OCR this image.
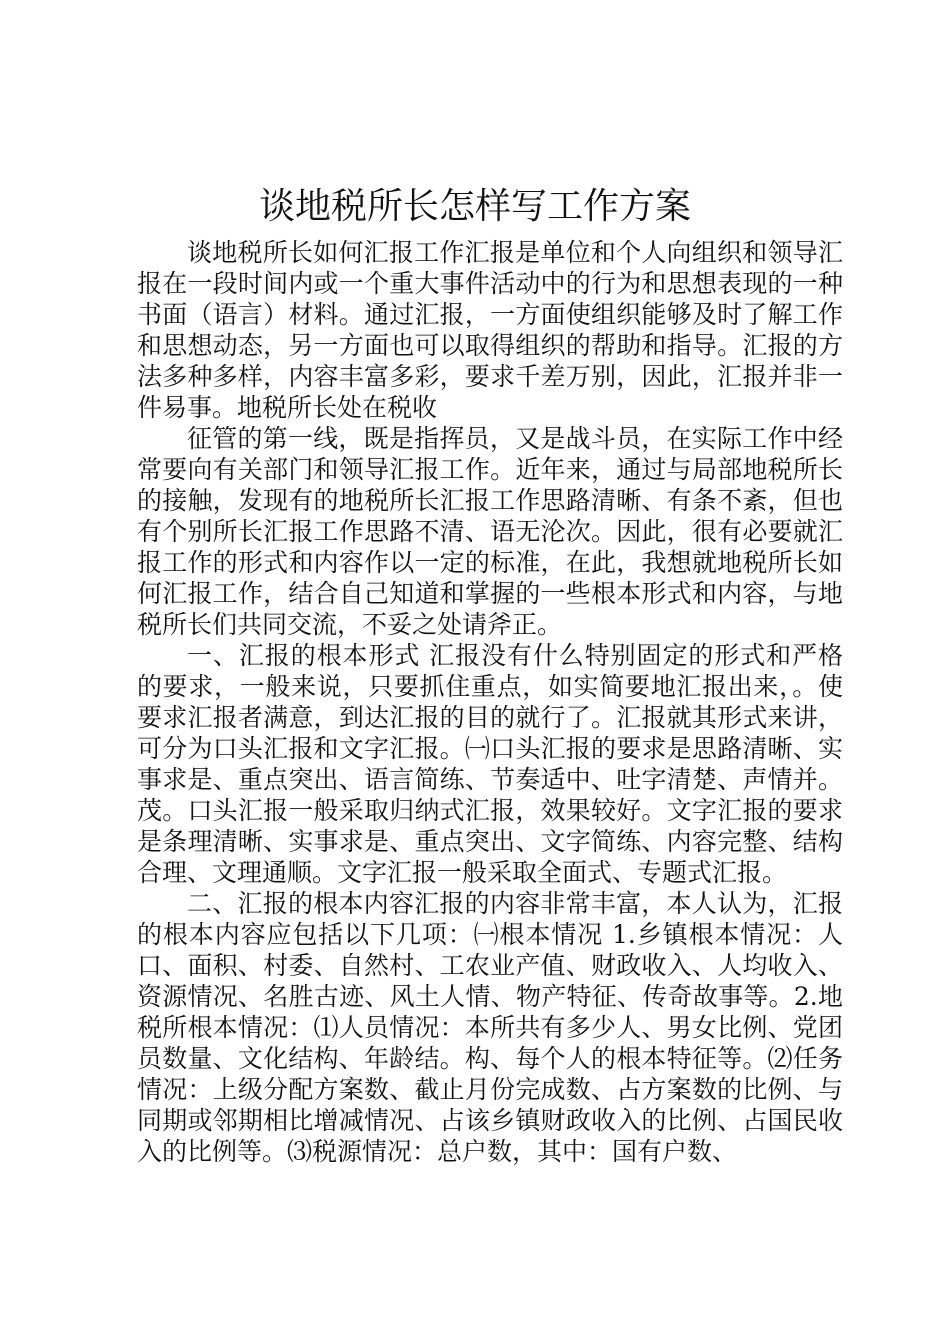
谈地税所长怎样写工作方案

谈地税所长如何汇报工作汇报是单位和个人向组织和领导汇报在一段时间内或一个重大事件活动中的行为和思想表现的一种书面（语言）材料。通过汇报，一方面使组织能够及时了解工作和思想动态，另一方面也可以取得组织的帮助和指导。汇报的方法多种多样，内容丰富多彩，要求千差万别，因此，汇报并非一件易事。地税所长处在税收

征管的第一线，既是指挥员，又是战斗员，在实际工作中经常要向有关部门和领导汇报工作。近年来，通过与局部地税所长的接触，发现有的地税所长汇报工作思路清晰、有条不紊，但也有个别所长汇报工作思路不清、语无沦次。因此，很有必要就汇报工作的形式和内容作以一定的标准，在此，我想就地税所长如何汇报工作，结合自己知道和掌握的一些根本形式和内容，与地税所长们共同交流，不妥之处请斧正。

一、汇报的根本形式 汇报没有什么特别固定的形式和严格的要求，一般来说，只要抓住重点，如实简要地汇报出来，。使要求汇报者满意，到达汇报的目的就行了。汇报就其形式来讲，可分为口头汇报和文字汇报。㈠口头汇报的要求是思路清晰、实事求是、重点突出、语言简练、节奏适中、吐字清楚、声情并。茂。口头汇报一般采取归纳式汇报，效果较好。文字汇报的要求是条理清晰、实事求是、重点突出、文字简练、内容完整、结构合理、文理通顺。文字汇报一般采取全面式、专题式汇报。

二、汇报的根本内容汇报的内容非常丰富，本人认为，汇报的根本内容应包括以下几项：㈠根本情况 1.乡镇根本情况：人口、面积、村委、自然村、工农业产值、财政收入、人均收入、资源情况、名胜古迹、风土人情、物产特征、传奇故事等。2.地税所根本情况：⑴人员情况：本所共有多少人、男女比例、党团员数量、文化结构、年龄结。构、每个人的根本特征等。⑵任务情况：上级分配方案数、截止月份完成数、占方案数的比例、与同期或邻期相比增减情况、占该乡镇财政收入的比例、占国民收入的比例等。⑶税源情况：总户数，其中：国有户数、
